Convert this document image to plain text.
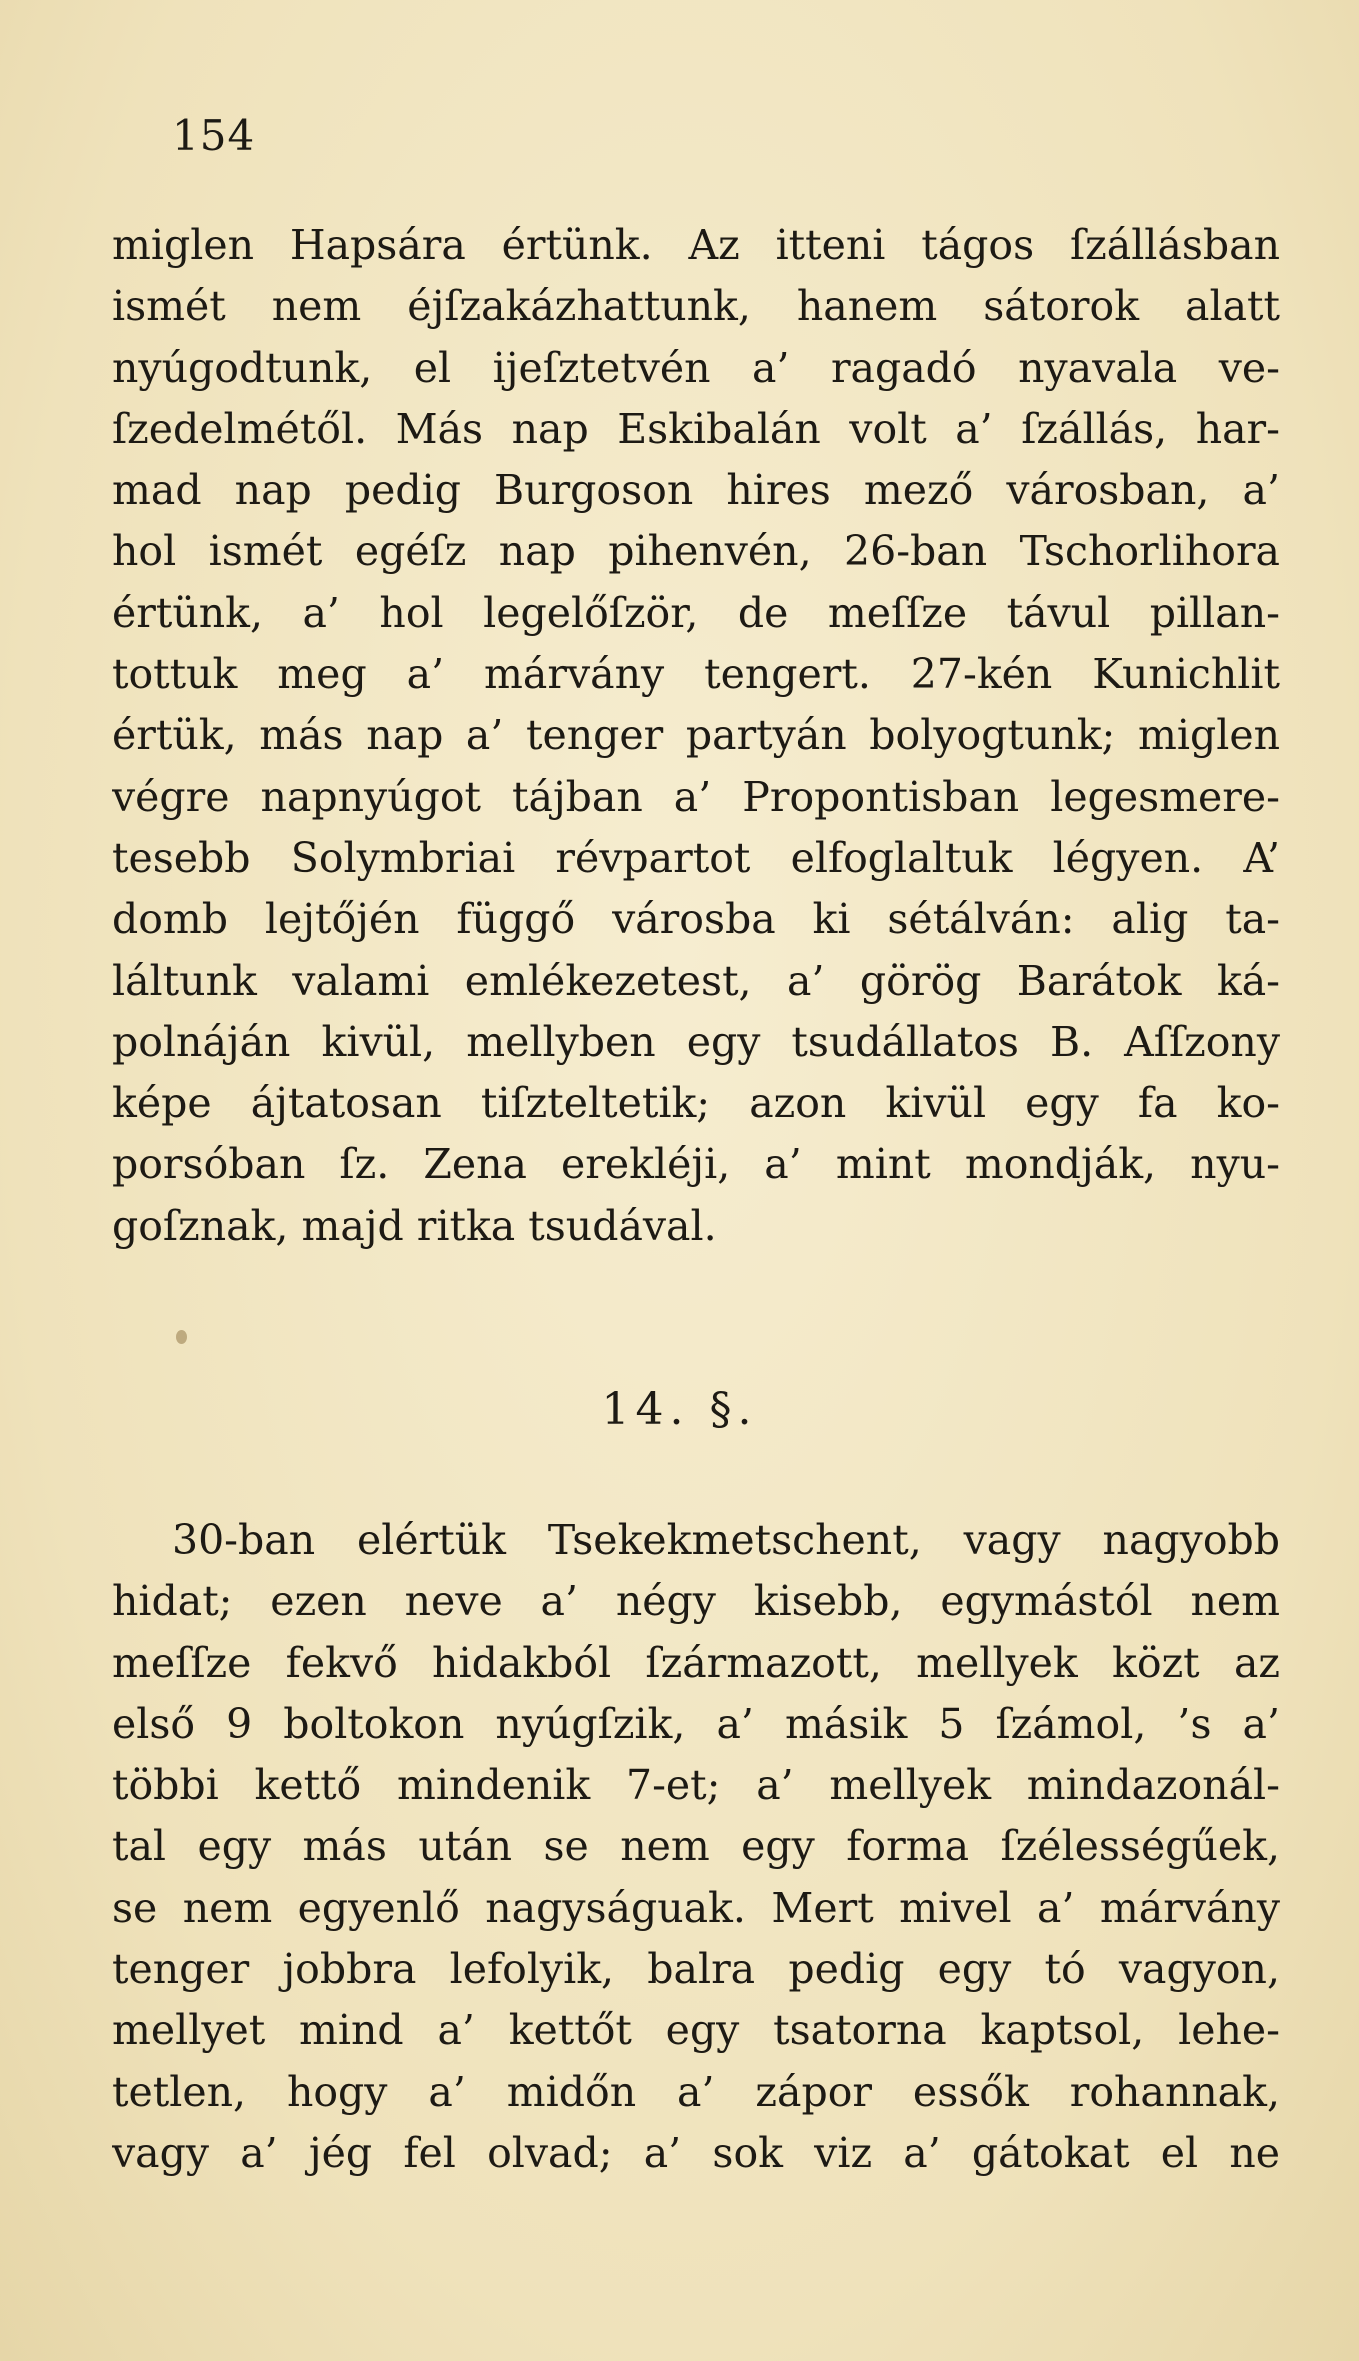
154
miglen Hapsára értünk. Az itteni tágos ſzállásban
ismét nem éjſzakázhattunk, hanem sátorok alatt
nyúgodtunk, el ijeſztetvén a’ ragadó nyavala ve-
ſzedelmétől. Más nap Eskibalán volt a’ ſzállás, har-
mad nap pedig Burgoson hires mező városban, a’
hol ismét egéſz nap pihenvén, 26-ban Tschorlihora
értünk, a’ hol legelőſzör, de meſſze távul pillan-
tottuk meg a’ márvány tengert. 27-kén Kunichlit
értük, más nap a’ tenger partyán bolyogtunk; miglen
végre napnyúgot tájban a’ Propontisban legesmere-
tesebb Solymbriai révpartot elfoglaltuk légyen. A’
domb lejtőjén függő városba ki sétálván: alig ta-
láltunk valami emlékezetest, a’ görög Barátok ká-
polnáján kivül, mellyben egy tsudállatos B. Aſſzony
képe ájtatosan tiſzteltetik; azon kivül egy fa ko-
porsóban ſz. Zena erekléji, a’ mint mondják, nyu-
goſznak, majd ritka tsudával.
14. §.
30-ban elértük Tsekekmetschent, vagy nagyobb
hidat; ezen neve a’ négy kisebb, egymástól nem
meſſze fekvő hidakból ſzármazott, mellyek közt az
első 9 boltokon nyúgſzik, a’ másik 5 ſzámol, ’s a’
többi kettő mindenik 7-et; a’ mellyek mindazonál-
tal egy más után se nem egy forma ſzélességűek,
se nem egyenlő nagyságuak. Mert mivel a’ márvány
tenger jobbra lefolyik, balra pedig egy tó vagyon,
mellyet mind a’ kettőt egy tsatorna kaptsol, lehe-
tetlen, hogy a’ midőn a’ zápor essők rohannak,
vagy a’ jég fel olvad; a’ sok viz a’ gátokat el ne
